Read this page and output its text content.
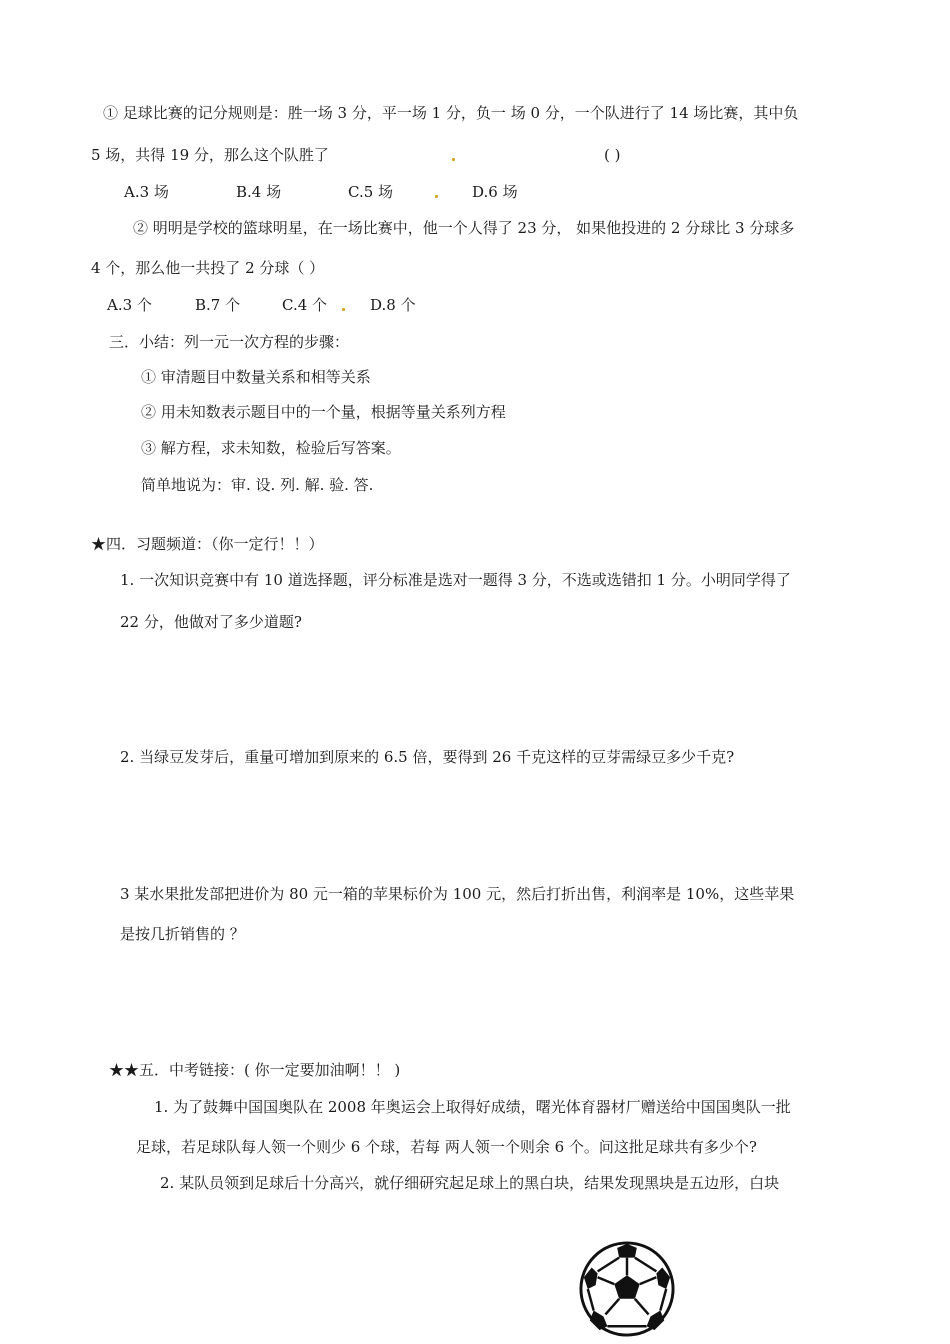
① 足球比赛的记分规则是：胜一场 3 分，平一场 1 分，负一 场 0 分，一个队进行了 14 场比赛，其中负
5 场，共得 19 分，那么这个队胜了	( )
A.3 场	B.4 场	C.5 场	D.6 场
② 明明是学校的篮球明星，在一场比赛中，他一个人得了 23 分， 如果他投进的 2 分球比 3 分球多
4 个，那么他一共投了 2 分球（ ）
A.3 个	B.7 个	C.4 个	D.8 个
三．小结：列一元一次方程的步骤：
① 审清题目中数量关系和相等关系
② 用未知数表示题目中的一个量，根据等量关系列方程
③ 解方程，求未知数，检验后写答案。
简单地说为：审. 设. 列. 解. 验. 答.
★四．习题频道：（你一定行！！）
1. 一次知识竞赛中有 10 道选择题，评分标准是选对一题得 3 分，不选或选错扣 1 分。小明同学得了
22 分，他做对了多少道题?
2. 当绿豆发芽后，重量可增加到原来的 6.5 倍，要得到 26 千克这样的豆芽需绿豆多少千克?
3 某水果批发部把进价为 80 元一箱的苹果标价为 100 元，然后打折出售，利润率是 10%，这些苹果
是按几折销售的 ？
★★五．中考链接：( 你一定要加油啊！！ )
1. 为了鼓舞中国国奥队在 2008 年奥运会上取得好成绩，曙光体育器材厂赠送给中国国奥队一批
足球，若足球队每人领一个则少 6 个球，若每 两人领一个则余 6 个。问这批足球共有多少个?
2. 某队员领到足球后十分高兴，就仔细研究起足球上的黑白块，结果发现黑块是五边形，白块
